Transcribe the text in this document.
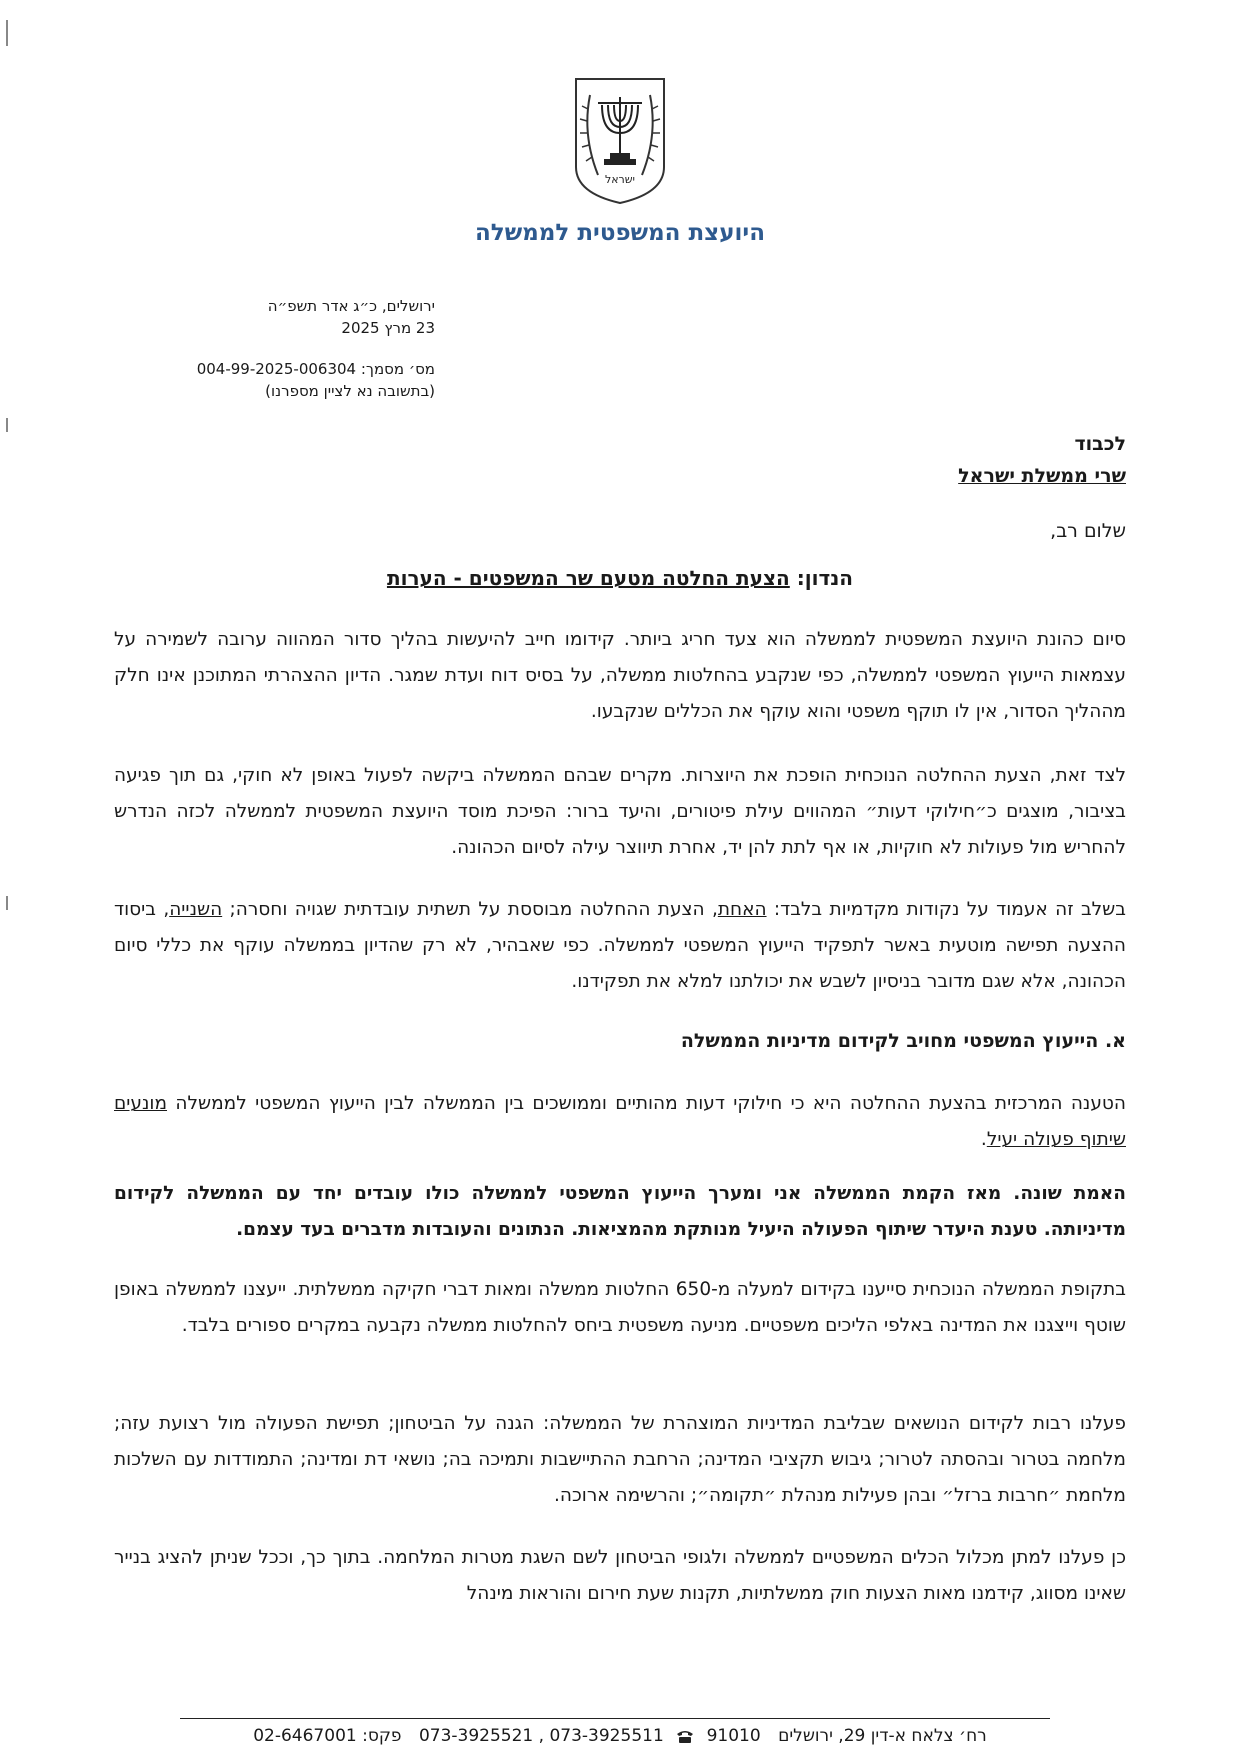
ישראל
היועצת המשפטית לממשלה
ירושלים, כ״ג אדר תשפ״ה
23 מרץ 2025
מס׳ מסמך: 004-99-2025-006304
(בתשובה נא לציין מספרנו)
לכבוד
שרי ממשלת ישראל
שלום רב,
הנדון: הצעת החלטה מטעם שר המשפטים - הערות
סיום כהונת היועצת המשפטית לממשלה הוא צעד חריג ביותר. קידומו חייב להיעשות בהליך סדור המהווה ערובה לשמירה על עצמאות הייעוץ המשפטי לממשלה, כפי שנקבע בהחלטות ממשלה, על בסיס דוח ועדת שמגר. הדיון ההצהרתי המתוכנן אינו חלק מההליך הסדור, אין לו תוקף משפטי והוא עוקף את הכללים שנקבעו.
לצד זאת, הצעת ההחלטה הנוכחית הופכת את היוצרות. מקרים שבהם הממשלה ביקשה לפעול באופן לא חוקי, גם תוך פגיעה בציבור, מוצגים כ״חילוקי דעות״ המהווים עילת פיטורים, והיעד ברור: הפיכת מוסד היועצת המשפטית לממשלה לכזה הנדרש להחריש מול פעולות לא חוקיות, או אף לתת להן יד, אחרת תיווצר עילה לסיום הכהונה.
בשלב זה אעמוד על נקודות מקדמיות בלבד: האחת, הצעת ההחלטה מבוססת על תשתית עובדתית שגויה וחסרה; השנייה, ביסוד ההצעה תפישה מוטעית באשר לתפקיד הייעוץ המשפטי לממשלה. כפי שאבהיר, לא רק שהדיון בממשלה עוקף את כללי סיום הכהונה, אלא שגם מדובר בניסיון לשבש את יכולתנו למלא את תפקידנו.
א. הייעוץ המשפטי מחויב לקידום מדיניות הממשלה
הטענה המרכזית בהצעת ההחלטה היא כי חילוקי דעות מהותיים וממושכים בין הממשלה לבין הייעוץ המשפטי לממשלה מונעים שיתוף פעולה יעיל.
האמת שונה. מאז הקמת הממשלה אני ומערך הייעוץ המשפטי לממשלה כולו עובדים יחד עם הממשלה לקידום מדיניותה. טענת היעדר שיתוף הפעולה היעיל מנותקת מהמציאות. הנתונים והעובדות מדברים בעד עצמם.
בתקופת הממשלה הנוכחית סייענו בקידום למעלה מ-650 החלטות ממשלה ומאות דברי חקיקה ממשלתית. ייעצנו לממשלה באופן שוטף וייצגנו את המדינה באלפי הליכים משפטיים. מניעה משפטית ביחס להחלטות ממשלה נקבעה במקרים ספורים בלבד.
פעלנו רבות לקידום הנושאים שבליבת המדיניות המוצהרת של הממשלה: הגנה על הביטחון; תפישת הפעולה מול רצועת עזה; מלחמה בטרור ובהסתה לטרור; גיבוש תקציבי המדינה; הרחבת ההתיישבות ותמיכה בה; נושאי דת ומדינה; התמודדות עם השלכות מלחמת ״חרבות ברזל״ ובהן פעילות מנהלת ״תקומה״; והרשימה ארוכה.
כן פעלנו למתן מכלול הכלים המשפטיים לממשלה ולגופי הביטחון לשם השגת מטרות המלחמה. בתוך כך, וככל שניתן להציג בנייר שאינו מסווג, קידמנו מאות הצעות חוק ממשלתיות, תקנות שעת חירום והוראות מינהל
רח׳ צלאח א-דין 29, ירושלים 91010  073-3925511 , 073-3925521 פקס: 02-6467001
